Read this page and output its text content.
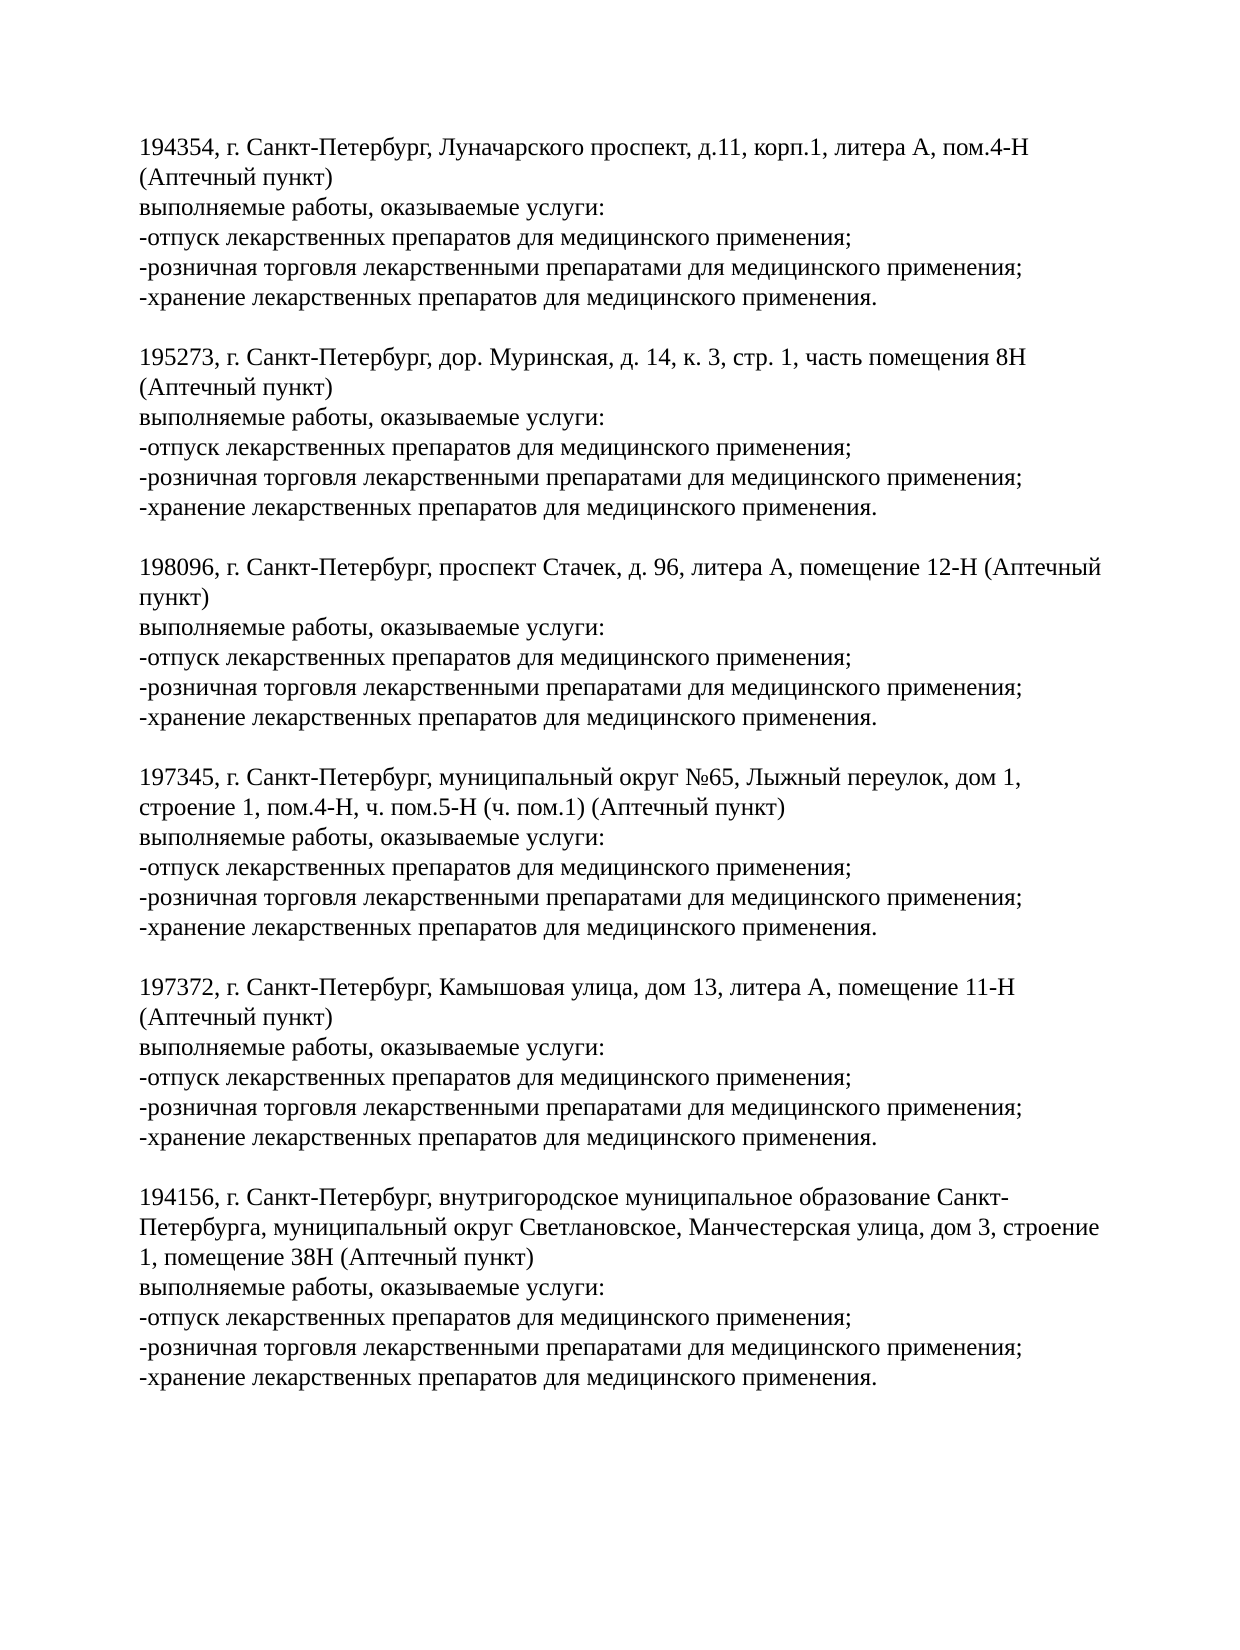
194354, г. Санкт-Петербург, Луначарского проспект, д.11, корп.1, литера А, пом.4-Н (Аптечный пункт)

выполняемые работы, оказываемые услуги:

-отпуск лекарственных препаратов для медицинского применения;

-розничная торговля лекарственными препаратами для медицинского применения;

-хранение лекарственных препаратов для медицинского применения.

195273, г. Санкт-Петербург, дор. Муринская, д. 14, к. 3, стр. 1, часть помещения 8Н (Аптечный пункт)

выполняемые работы, оказываемые услуги:

-отпуск лекарственных препаратов для медицинского применения;

-розничная торговля лекарственными препаратами для медицинского применения;

-хранение лекарственных препаратов для медицинского применения.

198096, г. Санкт-Петербург, проспект Стачек, д. 96, литера А, помещение 12-Н (Аптечный пункт)

выполняемые работы, оказываемые услуги:

-отпуск лекарственных препаратов для медицинского применения;

-розничная торговля лекарственными препаратами для медицинского применения;

-хранение лекарственных препаратов для медицинского применения.

197345, г. Санкт-Петербург, муниципальный округ №65, Лыжный переулок, дом 1, строение 1, пом.4-Н, ч. пом.5-Н (ч. пом.1) (Аптечный пункт)

выполняемые работы, оказываемые услуги:

-отпуск лекарственных препаратов для медицинского применения;

-розничная торговля лекарственными препаратами для медицинского применения;

-хранение лекарственных препаратов для медицинского применения.

197372, г. Санкт-Петербург, Камышовая улица, дом 13, литера А, помещение 11-Н (Аптечный пункт)

выполняемые работы, оказываемые услуги:

-отпуск лекарственных препаратов для медицинского применения;

-розничная торговля лекарственными препаратами для медицинского применения;

-хранение лекарственных препаратов для медицинского применения.

194156, г. Санкт-Петербург, внутригородское муниципальное образование Санкт-Петербурга, муниципальный округ Светлановское, Манчестерская улица, дом 3, строение 1, помещение 38Н (Аптечный пункт)

выполняемые работы, оказываемые услуги:

-отпуск лекарственных препаратов для медицинского применения;

-розничная торговля лекарственными препаратами для медицинского применения;

-хранение лекарственных препаратов для медицинского применения.
